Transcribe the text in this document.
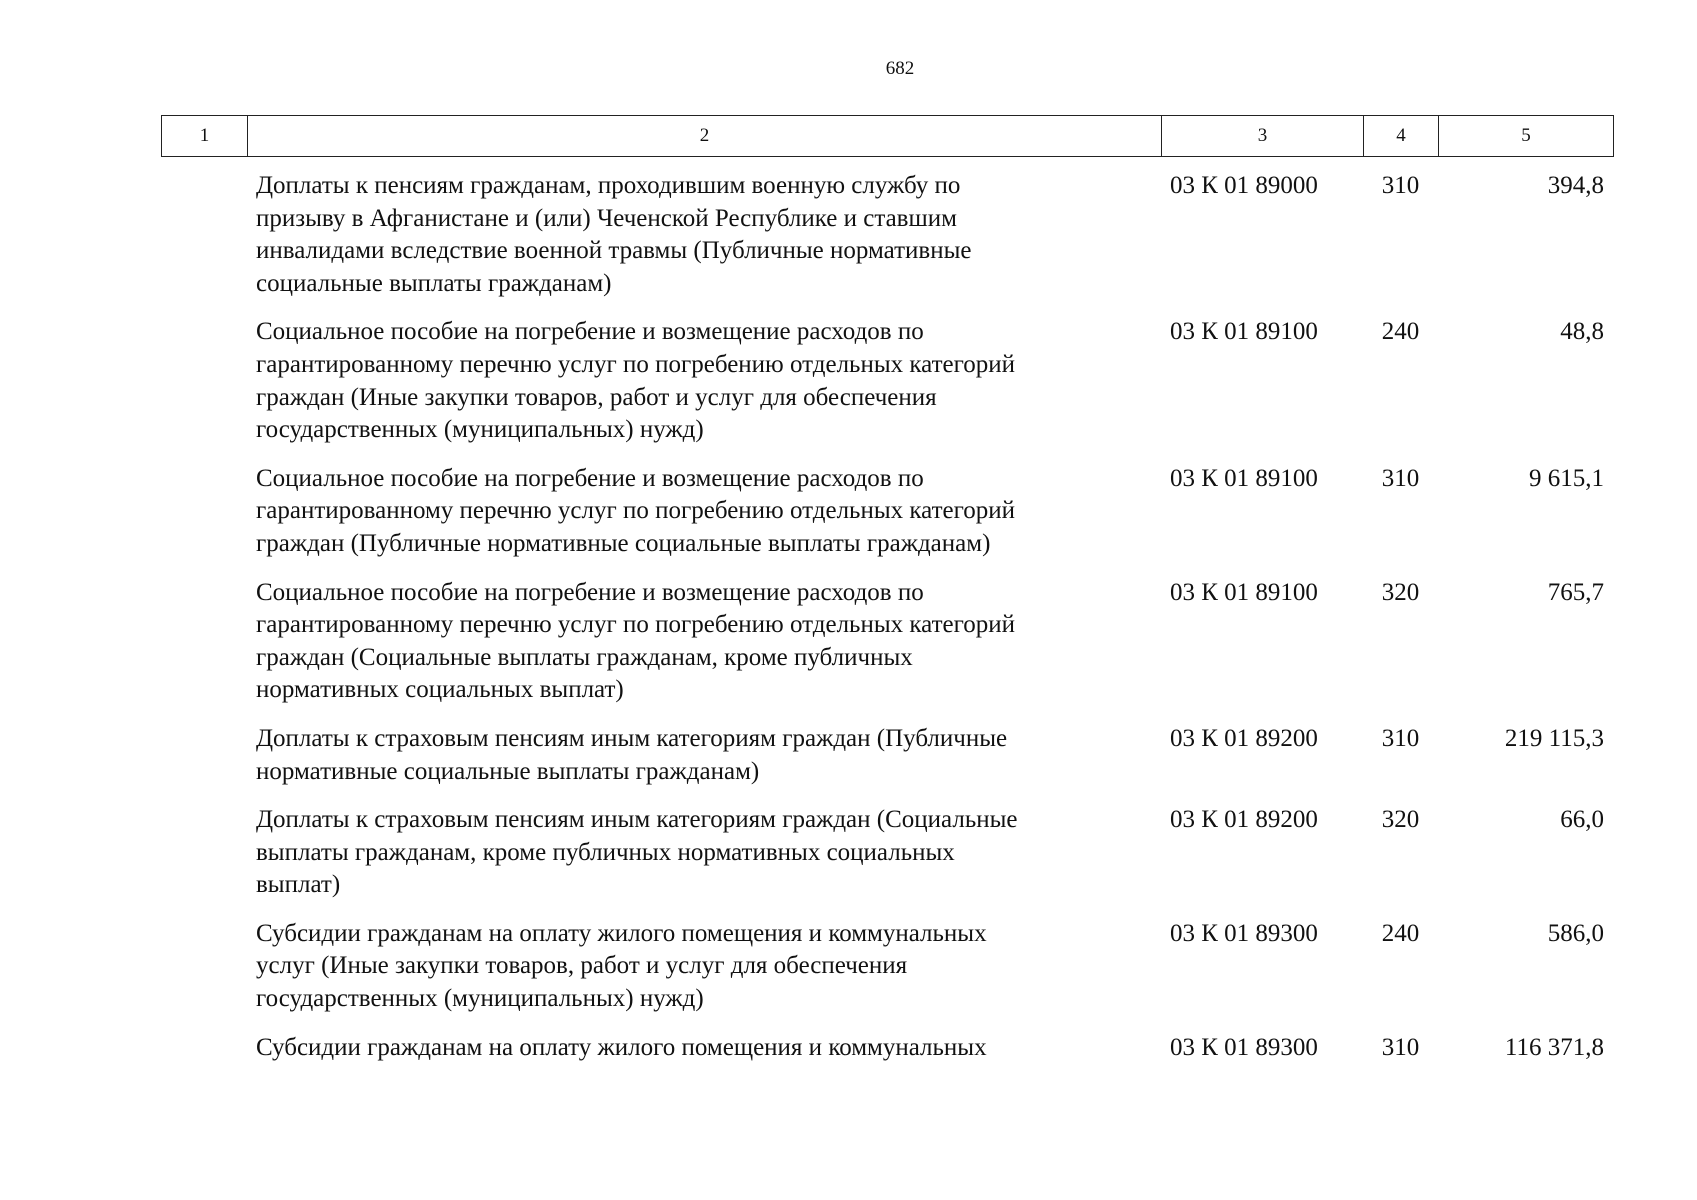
682
1	2	3	4	5
Доплаты к пенсиям гражданам, проходившим военную службу по
призыву в Афганистане и (или) Чеченской Республике и ставшим
инвалидами вследствие военной травмы (Публичные нормативные
социальные выплаты гражданам)
03 К 01 89000	310	394,8
Социальное пособие на погребение и возмещение расходов по
гарантированному перечню услуг по погребению отдельных категорий
граждан (Иные закупки товаров, работ и услуг для обеспечения
государственных (муниципальных) нужд)
03 К 01 89100	240	48,8
Социальное пособие на погребение и возмещение расходов по
гарантированному перечню услуг по погребению отдельных категорий
граждан (Публичные нормативные социальные выплаты гражданам)
03 К 01 89100	310	9 615,1
Социальное пособие на погребение и возмещение расходов по
гарантированному перечню услуг по погребению отдельных категорий
граждан (Социальные выплаты гражданам, кроме публичных
нормативных социальных выплат)
03 К 01 89100	320	765,7
Доплаты к страховым пенсиям иным категориям граждан (Публичные
нормативные социальные выплаты гражданам)
03 К 01 89200	310	219 115,3
Доплаты к страховым пенсиям иным категориям граждан (Социальные
выплаты гражданам, кроме публичных нормативных социальных
выплат)
03 К 01 89200	320	66,0
Субсидии гражданам на оплату жилого помещения и коммунальных
услуг (Иные закупки товаров, работ и услуг для обеспечения
государственных (муниципальных) нужд)
03 К 01 89300	240	586,0
Субсидии гражданам на оплату жилого помещения и коммунальных	03 К 01 89300	310	116 371,8
